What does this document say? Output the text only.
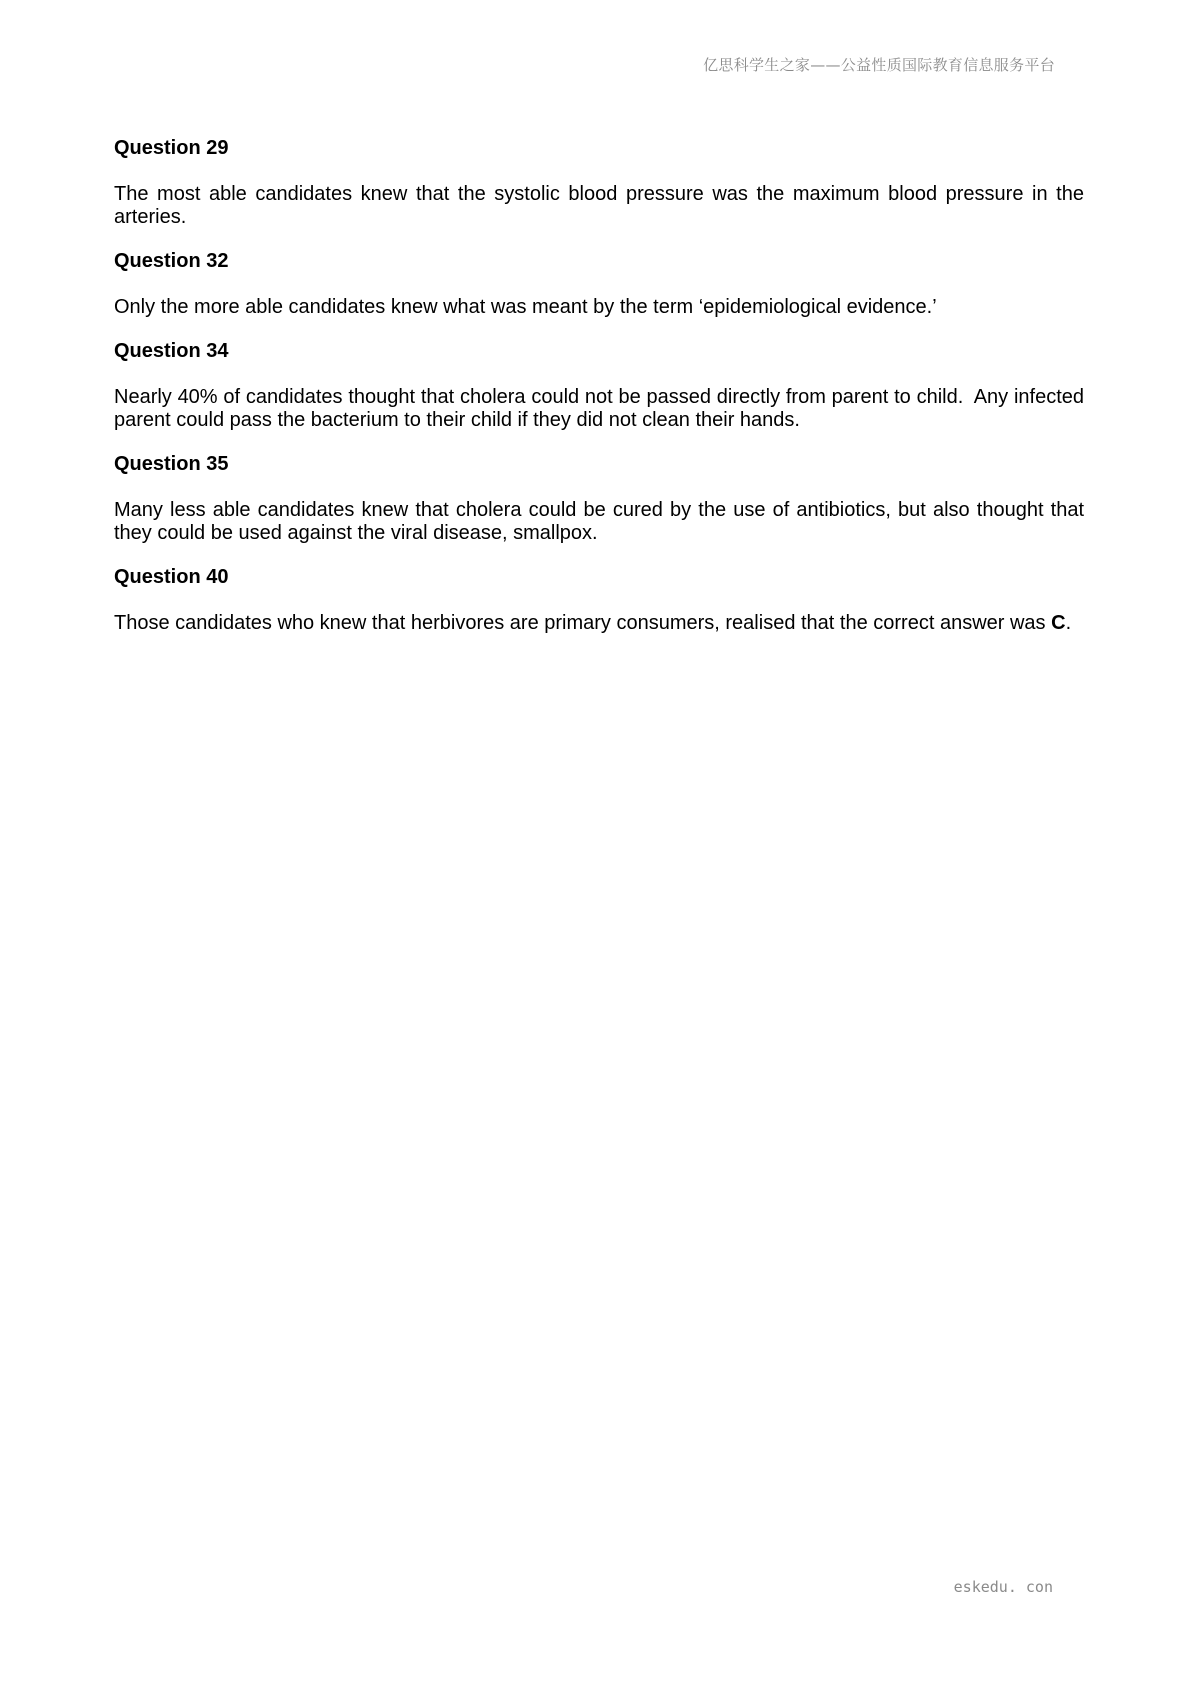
亿思科学生之家——公益性质国际教育信息服务平台
Question 29

The most able candidates knew that the systolic blood pressure was the maximum blood pressure in the arteries.

Question 32

Only the more able candidates knew what was meant by the term ‘epidemiological evidence.’

Question 34

Nearly 40% of candidates thought that cholera could not be passed directly from parent to child.  Any infected parent could pass the bacterium to their child if they did not clean their hands.

Question 35

Many less able candidates knew that cholera could be cured by the use of antibiotics, but also thought that they could be used against the viral disease, smallpox.

Question 40

Those candidates who knew that herbivores are primary consumers, realised that the correct answer was C.

eskedu. con
